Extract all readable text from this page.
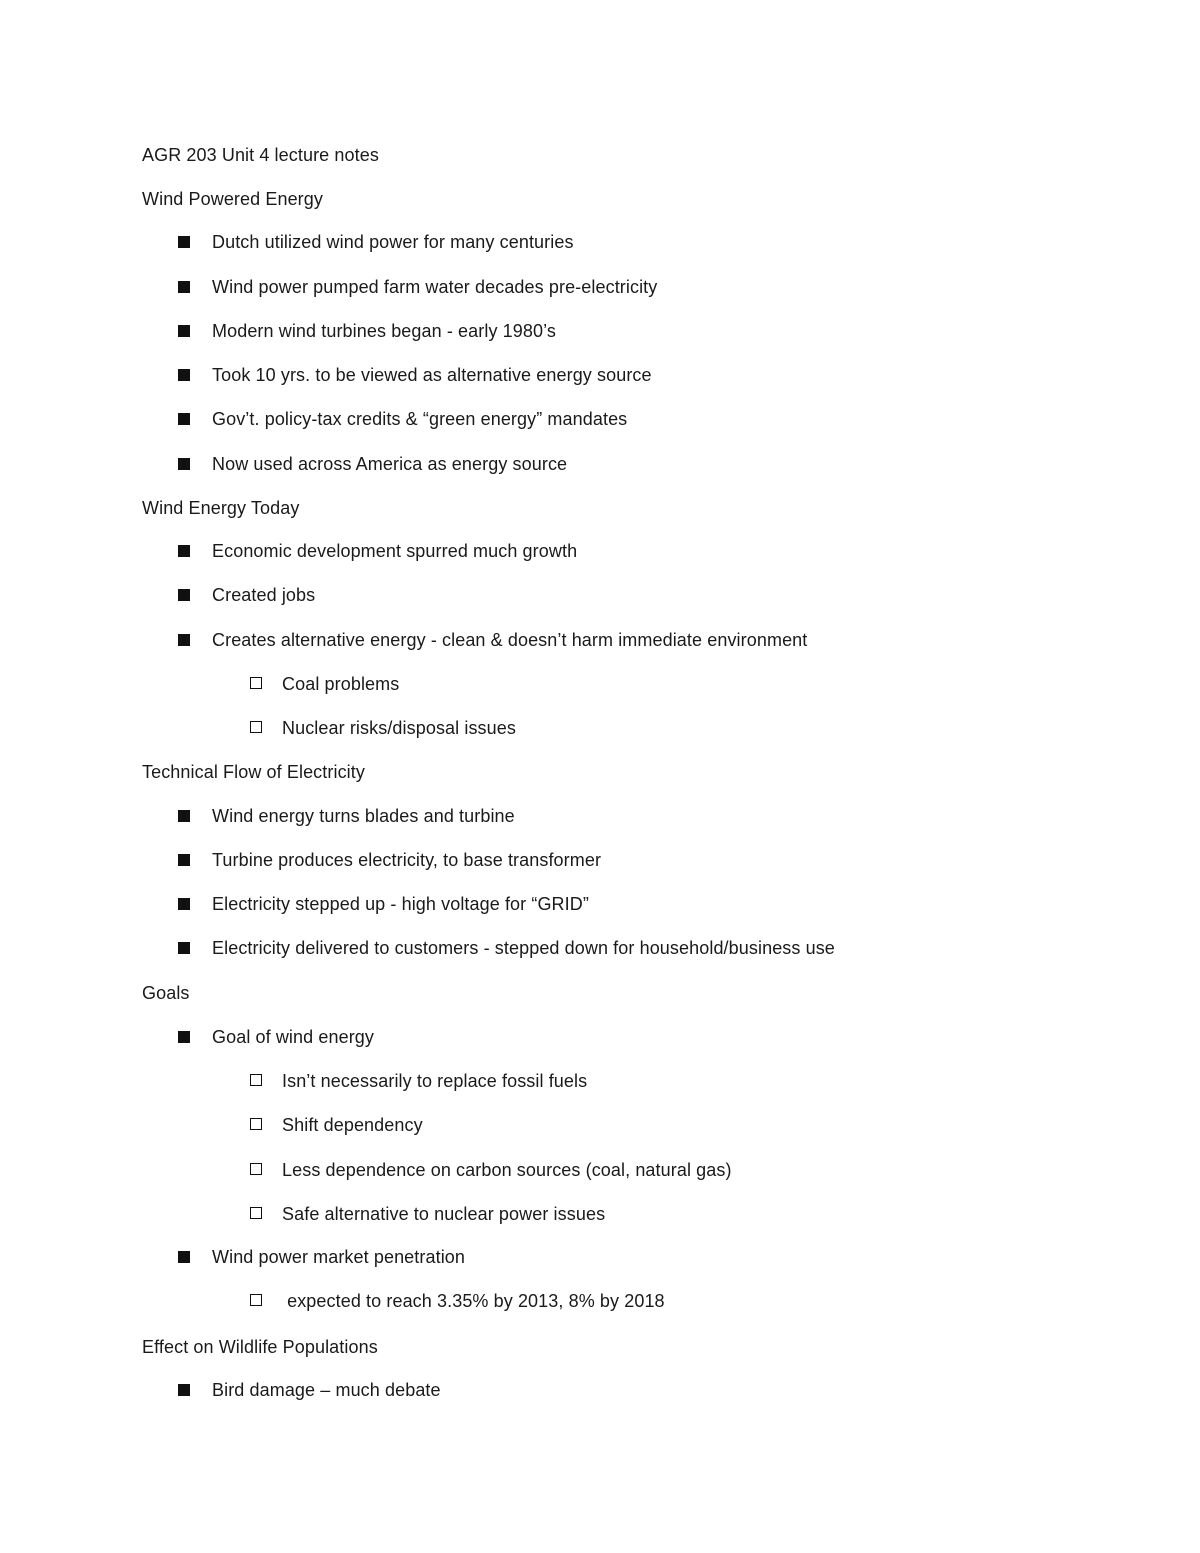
AGR 203 Unit 4 lecture notes
Wind Powered Energy
Dutch utilized wind power for many centuries
Wind power pumped farm water decades pre-electricity
Modern wind turbines began - early 1980’s
Took 10 yrs. to be viewed as alternative energy source
Gov’t. policy-tax credits & “green energy” mandates
Now used across America as energy source
Wind Energy Today
Economic development spurred much growth
Created jobs
Creates alternative energy - clean & doesn’t harm immediate environment
Coal problems
Nuclear risks/disposal issues
Technical Flow of Electricity
Wind energy turns blades and turbine
Turbine produces electricity, to base transformer
Electricity stepped up - high voltage for “GRID”
Electricity delivered to customers - stepped down for household/business use
Goals
Goal of wind energy
Isn’t necessarily to replace fossil fuels
Shift dependency
Less dependence on carbon sources (coal, natural gas)
Safe alternative to nuclear power issues
Wind power market penetration
expected to reach 3.35% by 2013, 8% by 2018
Effect on Wildlife Populations
Bird damage – much debate
